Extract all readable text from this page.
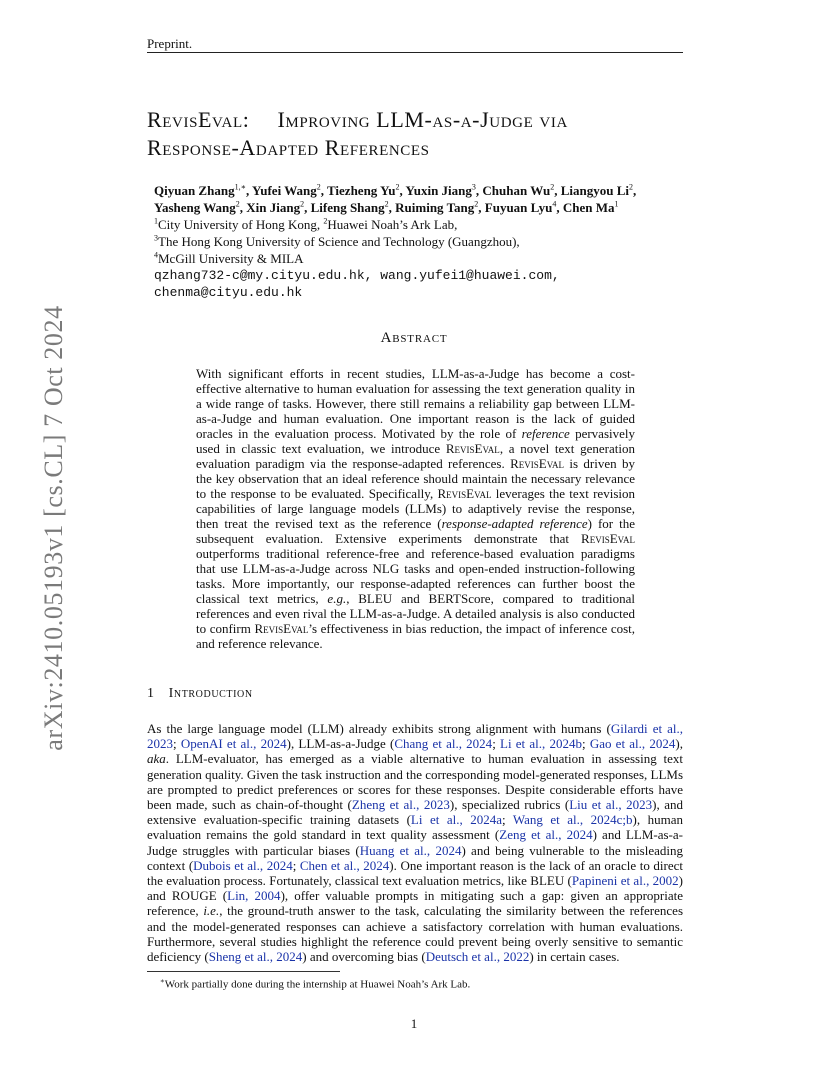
Preprint.
arXiv:2410.05193v1 [cs.CL] 7 Oct 2024
RevisEval: Improving LLM-as-a-Judge via
Response-Adapted References
Qiyuan Zhang$^{1,∗}$, Yufei Wang$^2$, Tiezheng Yu$^2$, Yuxin Jiang$^3$, Chuhan Wu$^2$, Liangyou Li$^2$,
Yasheng Wang$^2$, Xin Jiang$^2$, Lifeng Shang$^2$, Ruiming Tang$^2$, Fuyuan Lyu$^4$, Chen Ma$^1$
$^1$City University of Hong Kong, $^2$Huawei Noah’s Ark Lab,
$^3$The Hong Kong University of Science and Technology (Guangzhou),
$^4$McGill University & MILA
qzhang732-c@my.cityu.edu.hk, wang.yufei1@huawei.com,
chenma@cityu.edu.hk
Abstract
With significant efforts in recent studies, LLM-as-a-Judge has become a cost-effective alternative to human evaluation for assessing the text generation quality in a wide range of tasks. However, there still remains a reliability gap between LLM-as-a-Judge and human evaluation. One important reason is the lack of guided oracles in the evaluation process. Motivated by the role of reference pervasively used in classic text evaluation, we introduce RevisEval, a novel text generation evaluation paradigm via the response-adapted references. RevisEval is driven by the key observation that an ideal reference should maintain the necessary relevance to the response to be evaluated. Specifically, RevisEval leverages the text revision capabilities of large language models (LLMs) to adaptively revise the response, then treat the revised text as the reference (response-adapted reference) for the subsequent evaluation. Extensive experiments demonstrate that RevisEval outperforms traditional reference-free and reference-based evaluation paradigms that use LLM-as-a-Judge across NLG tasks and open-ended instruction-following tasks. More importantly, our response-adapted references can further boost the classical text metrics, e.g., BLEU and BERTScore, compared to traditional references and even rival the LLM-as-a-Judge. A detailed analysis is also conducted to confirm RevisEval’s effectiveness in bias reduction, the impact of inference cost, and reference relevance.
1 Introduction
As the large language model (LLM) already exhibits strong alignment with humans (Gilardi et al., 2023; OpenAI et al., 2024), LLM-as-a-Judge (Chang et al., 2024; Li et al., 2024b; Gao et al., 2024), aka. LLM-evaluator, has emerged as a viable alternative to human evaluation in assessing text generation quality. Given the task instruction and the corresponding model-generated responses, LLMs are prompted to predict preferences or scores for these responses. Despite considerable efforts have been made, such as chain-of-thought (Zheng et al., 2023), specialized rubrics (Liu et al., 2023), and extensive evaluation-specific training datasets (Li et al., 2024a; Wang et al., 2024c;b), human evaluation remains the gold standard in text quality assessment (Zeng et al., 2024) and LLM-as-a-Judge struggles with particular biases (Huang et al., 2024) and being vulnerable to the misleading context (Dubois et al., 2024; Chen et al., 2024). One important reason is the lack of an oracle to direct the evaluation process. Fortunately, classical text evaluation metrics, like BLEU (Papineni et al., 2002) and ROUGE (Lin, 2004), offer valuable prompts in mitigating such a gap: given an appropriate reference, i.e., the ground-truth answer to the task, calculating the similarity between the references and the model-generated responses can achieve a satisfactory correlation with human evaluations. Furthermore, several studies highlight the reference could prevent being overly sensitive to semantic deficiency (Sheng et al., 2024) and overcoming bias (Deutsch et al., 2022) in certain cases.
∗Work partially done during the internship at Huawei Noah’s Ark Lab.
1
